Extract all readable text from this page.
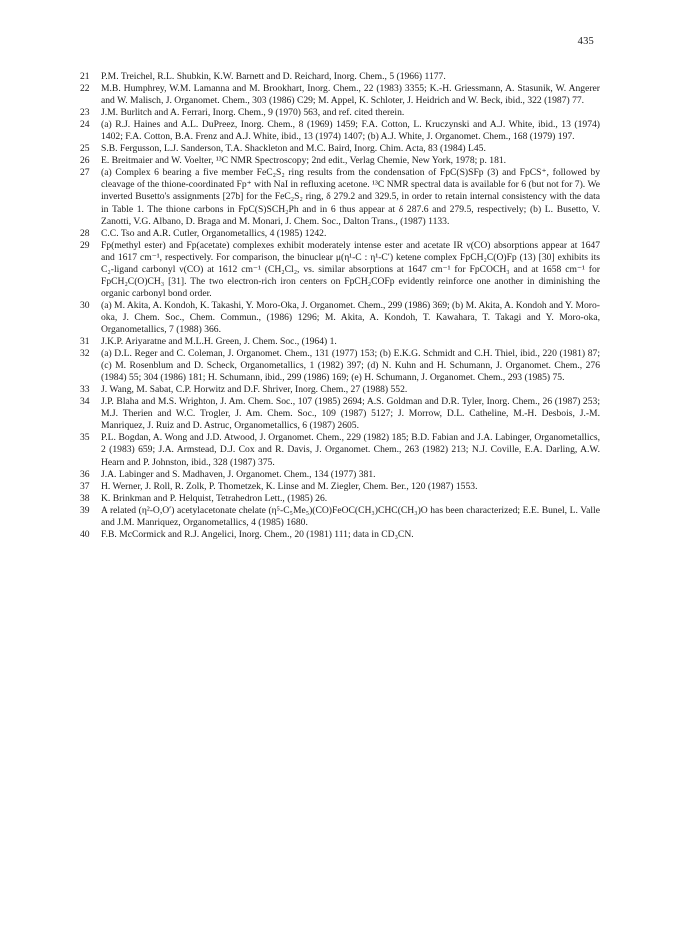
435
21 P.M. Treichel, R.L. Shubkin, K.W. Barnett and D. Reichard, Inorg. Chem., 5 (1966) 1177.
22 M.B. Humphrey, W.M. Lamanna and M. Brookhart, Inorg. Chem., 22 (1983) 3355; K.-H. Griessmann, A. Stasunik, W. Angerer and W. Malisch, J. Organomet. Chem., 303 (1986) C29; M. Appel, K. Schloter, J. Heidrich and W. Beck, ibid., 322 (1987) 77.
23 J.M. Burlitch and A. Ferrari, Inorg. Chem., 9 (1970) 563, and ref. cited therein.
24 (a) R.J. Haines and A.L. DuPreez, Inorg. Chem., 8 (1969) 1459; F.A. Cotton, L. Kruczynski and A.J. White, ibid., 13 (1974) 1402; F.A. Cotton, B.A. Frenz and A.J. White, ibid., 13 (1974) 1407; (b) A.J. White, J. Organomet. Chem., 168 (1979) 197.
25 S.B. Fergusson, L.J. Sanderson, T.A. Shackleton and M.C. Baird, Inorg. Chim. Acta, 83 (1984) L45.
26 E. Breitmaier and W. Voelter, ¹³C NMR Spectroscopy; 2nd edit., Verlag Chemie, New York, 1978; p. 181.
27 (a) Complex 6 bearing a five member FeC₂S₂ ring results from the condensation of FpC(S)SFp (3) and FpCS⁺, followed by cleavage of the thione-coordinated Fp⁺ with NaI in refluxing acetone. ¹³C NMR spectral data is available for 6 (but not for 7). We inverted Busetto's assignments [27b] for the FeC₂S₂ ring, δ 279.2 and 329.5, in order to retain internal consistency with the data in Table 1. The thione carbons in FpC(S)SCH₂Ph and in 6 thus appear at δ 287.6 and 279.5, respectively; (b) L. Busetto, V. Zanotti, V.G. Albano, D. Braga and M. Monari, J. Chem. Soc., Dalton Trans., (1987) 1133.
28 C.C. Tso and A.R. Cutler, Organometallics, 4 (1985) 1242.
29 Fp(methyl ester) and Fp(acetate) complexes exhibit moderately intense ester and acetate IR ν(CO) absorptions appear at 1647 and 1617 cm⁻¹, respectively. For comparison, the binuclear μ(η¹-C : η¹-C′) ketene complex FpCH₂C(O)Fp (13) [30] exhibits its C₂-ligand carbonyl ν(CO) at 1612 cm⁻¹ (CH₂Cl₂, vs. similar absorptions at 1647 cm⁻¹ for FpCOCH₃ and at 1658 cm⁻¹ for FpCH₂C(O)CH₃ [31]. The two electron-rich iron centers on FpCH₂COFp evidently reinforce one another in diminishing the organic carbonyl bond order.
30 (a) M. Akita, A. Kondoh, K. Takashi, Y. Moro-Oka, J. Organomet. Chem., 299 (1986) 369; (b) M. Akita, A. Kondoh and Y. Moro-oka, J. Chem. Soc., Chem. Commun., (1986) 1296; M. Akita, A. Kondoh, T. Kawahara, T. Takagi and Y. Moro-oka, Organometallics, 7 (1988) 366.
31 J.K.P. Ariyaratne and M.L.H. Green, J. Chem. Soc., (1964) 1.
32 (a) D.L. Reger and C. Coleman, J. Organomet. Chem., 131 (1977) 153; (b) E.K.G. Schmidt and C.H. Thiel, ibid., 220 (1981) 87; (c) M. Rosenblum and D. Scheck, Organometallics, 1 (1982) 397; (d) N. Kuhn and H. Schumann, J. Organomet. Chem., 276 (1984) 55; 304 (1986) 181; H. Schumann, ibid., 299 (1986) 169; (e) H. Schumann, J. Organomet. Chem., 293 (1985) 75.
33 J. Wang, M. Sabat, C.P. Horwitz and D.F. Shriver, Inorg. Chem., 27 (1988) 552.
34 J.P. Blaha and M.S. Wrighton, J. Am. Chem. Soc., 107 (1985) 2694; A.S. Goldman and D.R. Tyler, Inorg. Chem., 26 (1987) 253; M.J. Therien and W.C. Trogler, J. Am. Chem. Soc., 109 (1987) 5127; J. Morrow, D.L. Catheline, M.-H. Desbois, J.-M. Manriquez, J. Ruiz and D. Astruc, Organometallics, 6 (1987) 2605.
35 P.L. Bogdan, A. Wong and J.D. Atwood, J. Organomet. Chem., 229 (1982) 185; B.D. Fabian and J.A. Labinger, Organometallics, 2 (1983) 659; J.A. Armstead, D.J. Cox and R. Davis, J. Organomet. Chem., 263 (1982) 213; N.J. Coville, E.A. Darling, A.W. Hearn and P. Johnston, ibid., 328 (1987) 375.
36 J.A. Labinger and S. Madhaven, J. Organomet. Chem., 134 (1977) 381.
37 H. Werner, J. Roll, R. Zolk, P. Thometzek, K. Linse and M. Ziegler, Chem. Ber., 120 (1987) 1553.
38 K. Brinkman and P. Helquist, Tetrahedron Lett., (1985) 26.
39 A related (η²-O,O′) acetylacetonate chelate (η⁵-C₅Me₅)(CO)FeOC(CH₃)CHC(CH₃)O has been characterized; E.E. Bunel, L. Valle and J.M. Manriquez, Organometallics, 4 (1985) 1680.
40 F.B. McCormick and R.J. Angelici, Inorg. Chem., 20 (1981) 111; data in CD₃CN.
